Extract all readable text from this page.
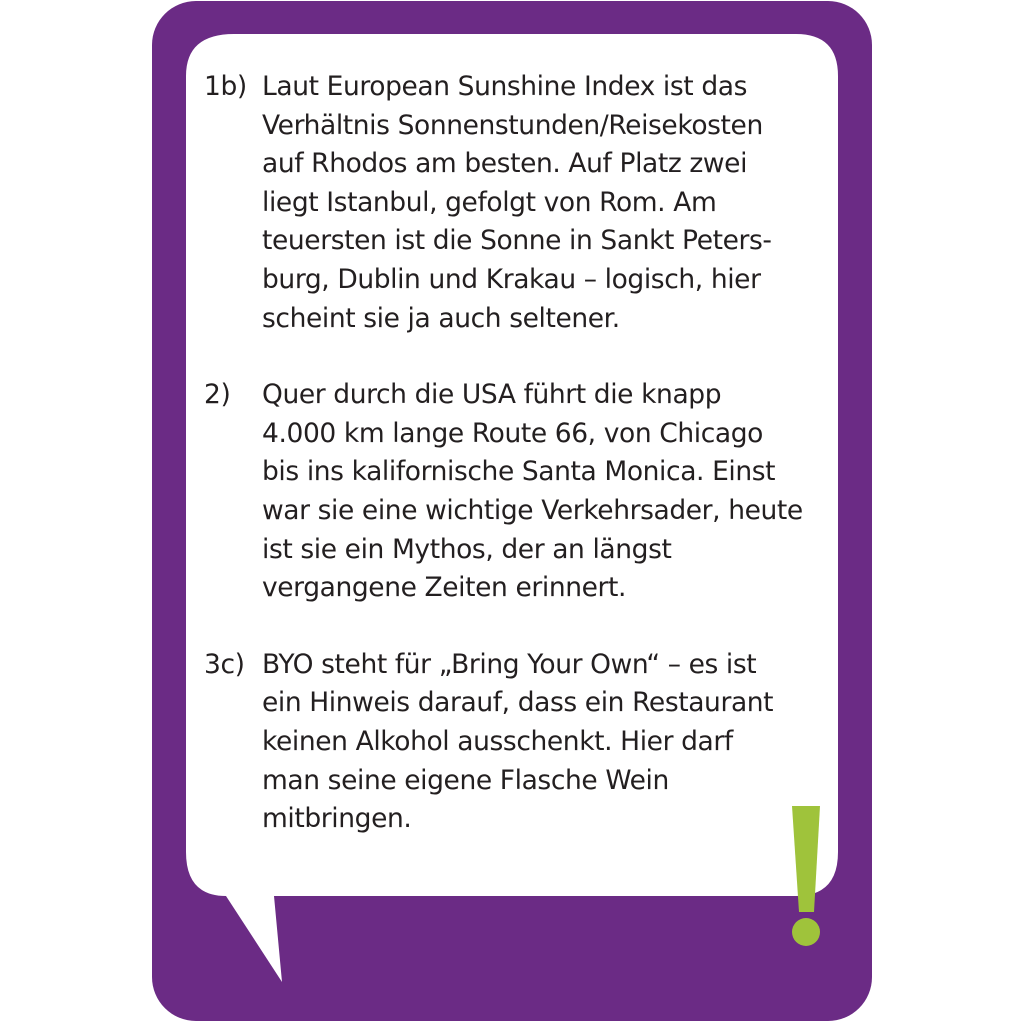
1b) Laut European Sunshine Index ist das
Verhältnis Sonnenstunden/Reisekosten
auf Rhodos am besten. Auf Platz zwei
liegt Istanbul, gefolgt von Rom. Am
teuersten ist die Sonne in Sankt Peters-
burg, Dublin und Krakau – logisch, hier
scheint sie ja auch seltener.
2) Quer durch die USA führt die knapp
4.000 km lange Route 66, von Chicago
bis ins kalifornische Santa Monica. Einst
war sie eine wichtige Verkehrsader, heute
ist sie ein Mythos, der an längst
vergangene Zeiten erinnert.
3c) BYO steht für „Bring Your Own“ – es ist
ein Hinweis darauf, dass ein Restaurant
keinen Alkohol ausschenkt. Hier darf
man seine eigene Flasche Wein
mitbringen.
